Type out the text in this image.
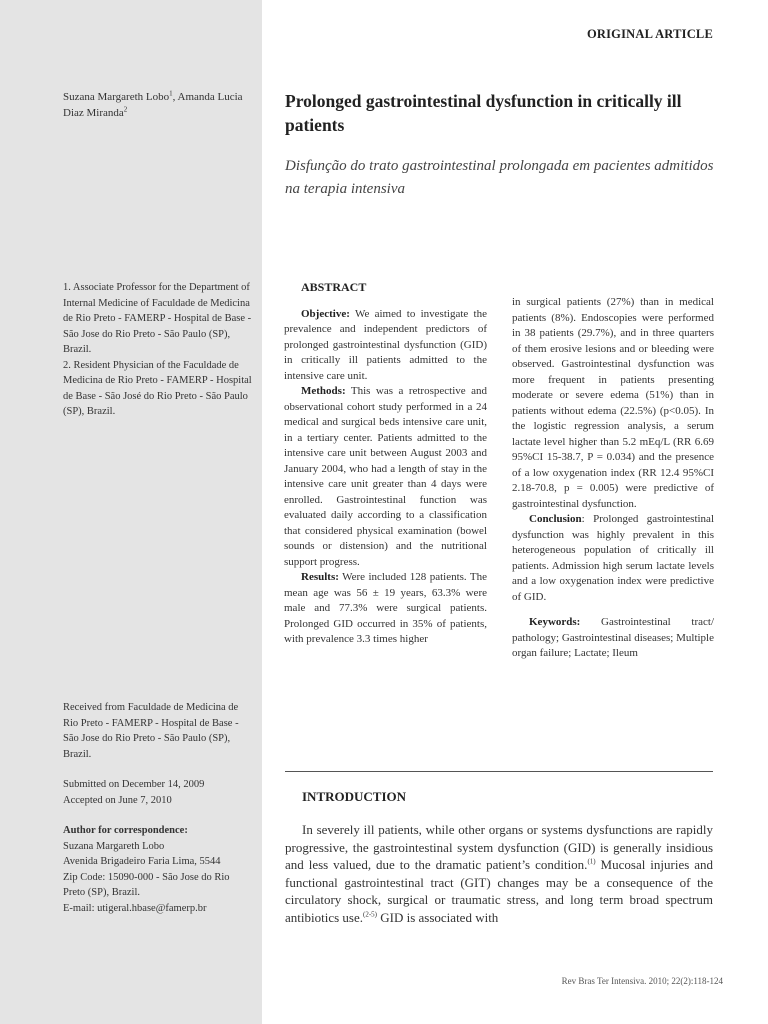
Suzana Margareth Lobo$^1$, Amanda Lucia Diaz Miranda$^2$

1. Associate Professor for the Department of Internal Medicine of Faculdade de Medicina de Rio Preto - FAMERP - Hospital de Base - São Jose do Rio Preto - São Paulo (SP), Brazil.

2. Resident Physician of the Faculdade de Medicina de Rio Preto - FAMERP - Hospital de Base - São José do Rio Preto - São Paulo (SP), Brazil.

Received from Faculdade de Medicina de Rio Preto - FAMERP - Hospital de Base - São Jose do Rio Preto - São Paulo (SP), Brazil.

Submitted on December 14, 2009

Accepted on June 7, 2010

Author for correspondence:

Suzana Margareth Lobo

Avenida Brigadeiro Faria Lima, 5544

Zip Code: 15090-000 - São Jose do Rio Preto (SP), Brazil.

E-mail: utigeral.hbase@famerp.br

ORIGINAL ARTICLE
Prolonged gastrointestinal dysfunction in critically ill patients

Disfunção do trato gastrointestinal prolongada em pacientes admitidos na terapia intensiva

ABSTRACT

Objective: We aimed to investigate the prevalence and independent predictors of prolonged gastrointestinal dysfunction (GID) in critically ill patients admitted to the intensive care unit.

Methods: This was a retrospective and observational cohort study performed in a 24 medical and surgical beds intensive care unit, in a tertiary center. Patients admitted to the intensive care unit between August 2003 and January 2004, who had a length of stay in the intensive care unit greater than 4 days were enrolled. Gastrointestinal function was evaluated daily according to a classification that considered physical examination (bowel sounds or distension) and the nutritional support progress.

Results: Were included 128 patients. The mean age was 56 ± 19 years, 63.3% were male and 77.3% were surgical patients. Prolonged GID occurred in 35% of patients, with prevalence 3.3 times higher

in surgical patients (27%) than in medical patients (8%). Endoscopies were performed in 38 patients (29.7%), and in three quarters of them erosive lesions and or bleeding were observed. Gastrointestinal dysfunction was more frequent in patients presenting moderate or severe edema (51%) than in patients without edema (22.5%) (p<0.05). In the logistic regression analysis, a serum lactate level higher than 5.2 mEq/L (RR 6.69 95%CI 15-38.7, P = 0.034) and the presence of a low oxygenation index (RR 12.4 95%CI 2.18-70.8, p = 0.005) were predictive of gastrointestinal dysfunction.

Conclusion: Prolonged gastrointestinal dysfunction was highly prevalent in this heterogeneous population of critically ill patients. Admission high serum lactate levels and a low oxygenation index were predictive of GID.

Keywords: Gastrointestinal tract/ pathology; Gastrointestinal diseases; Multiple organ failure; Lactate; Ileum

INTRODUCTION

In severely ill patients, while other organs or systems dysfunctions are rapidly progressive, the gastrointestinal system dysfunction (GID) is generally insidious and less valued, due to the dramatic patient’s condition.$^{(1)}$ Mucosal injuries and functional gastrointestinal tract (GIT) changes may be a consequence of the circulatory shock, surgical or traumatic stress, and long term broad spectrum antibiotics use.$^{(2-5)}$ GID is associated with

Rev Bras Ter Intensiva. 2010; 22(2):118-124
